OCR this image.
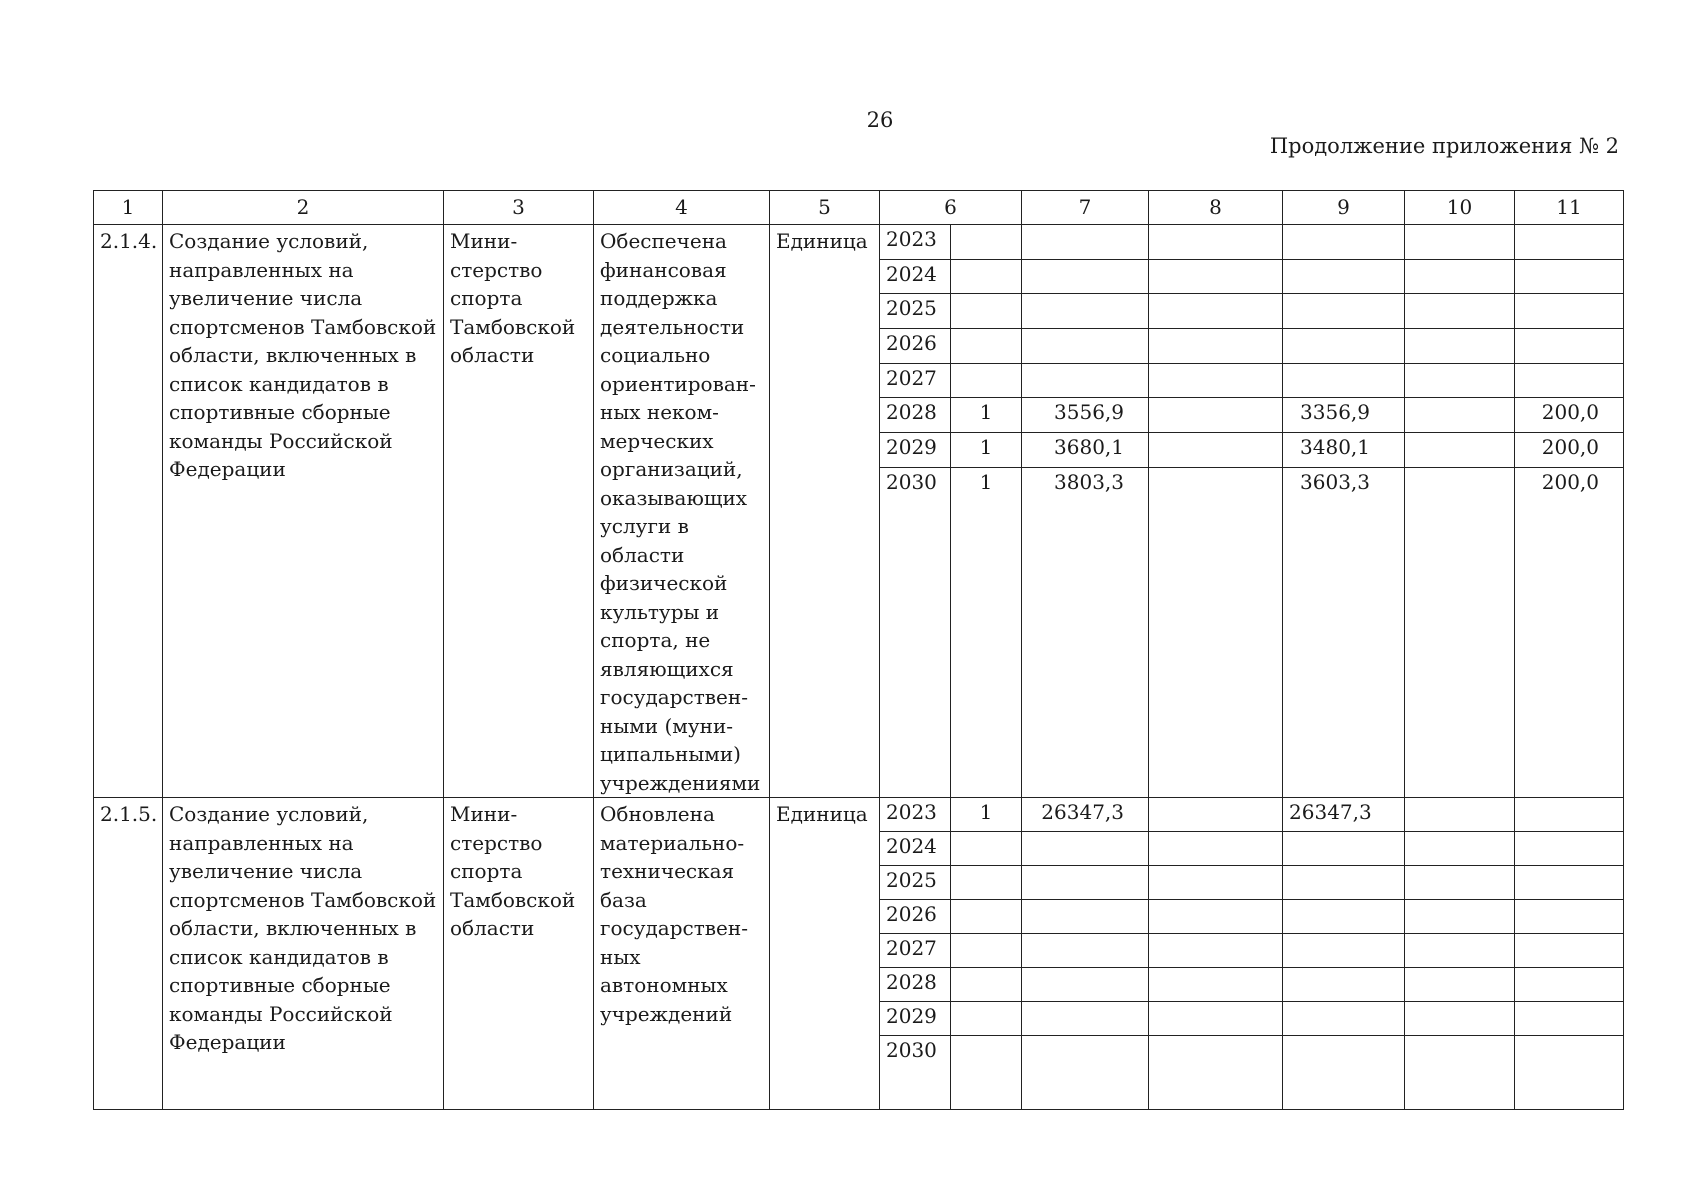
26
Продолжение приложения № 2
1	2	3	4	5	6		7	8	9	10	11
2.1.4.	Создание условий, направленных на увеличение числа спортсменов Тамбовской области, включенных в список кандидатов в спортивные сборные команды Российской Федерации	Мини-стерство спорта Тамбовской области	Обеспечена финансовая поддержка деятельности социально ориентирован-ных неком-мерческих организаций, оказывающих услуги в области физической культуры и спорта, не являющихся государствен-ными (муни-ципальными) учреждениями	Единица	2023						
					2024						
					2025						
					2026						
					2027						
					2028	1	3556,9		3356,9		200,0
					2029	1	3680,1		3480,1		200,0
					2030	1	3803,3		3603,3		200,0
2.1.5.	Создание условий, направленных на увеличение числа спортсменов Тамбовской области, включенных в список кандидатов в спортивные сборные команды Российской Федерации	Мини-стерство спорта Тамбовской области	Обновлена материально-техническая база государствен-ных автономных учреждений	Единица	2023	1	26347,3		26347,3		
					2024						
					2025						
					2026						
					2027						
					2028						
					2029						
					2030						
